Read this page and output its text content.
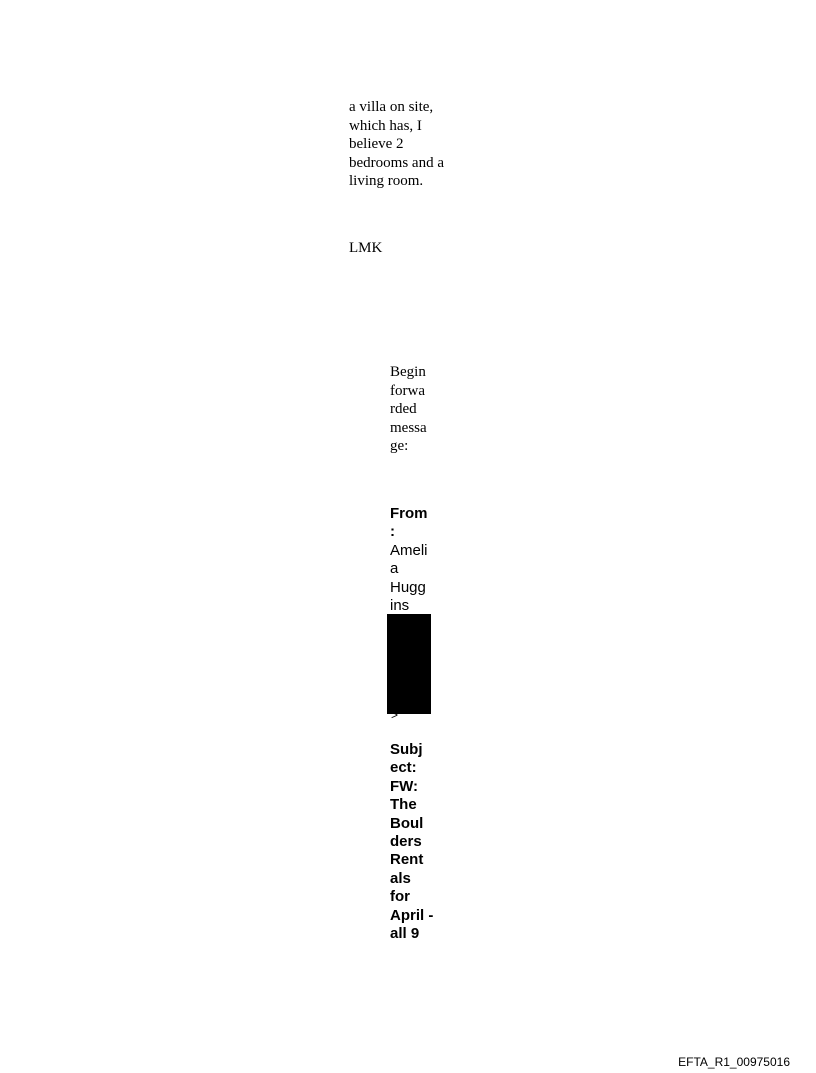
a villa on site,
which has, I
believe 2
bedrooms and a
living room.
LMK
Begin
forwa
rded
messa
ge:
From
:
Ameli
a
Hugg
ins
>
Subj
ect:
FW:
The
Boul
ders
Rent
als
for
April -
all 9
EFTA_R1_00975016
